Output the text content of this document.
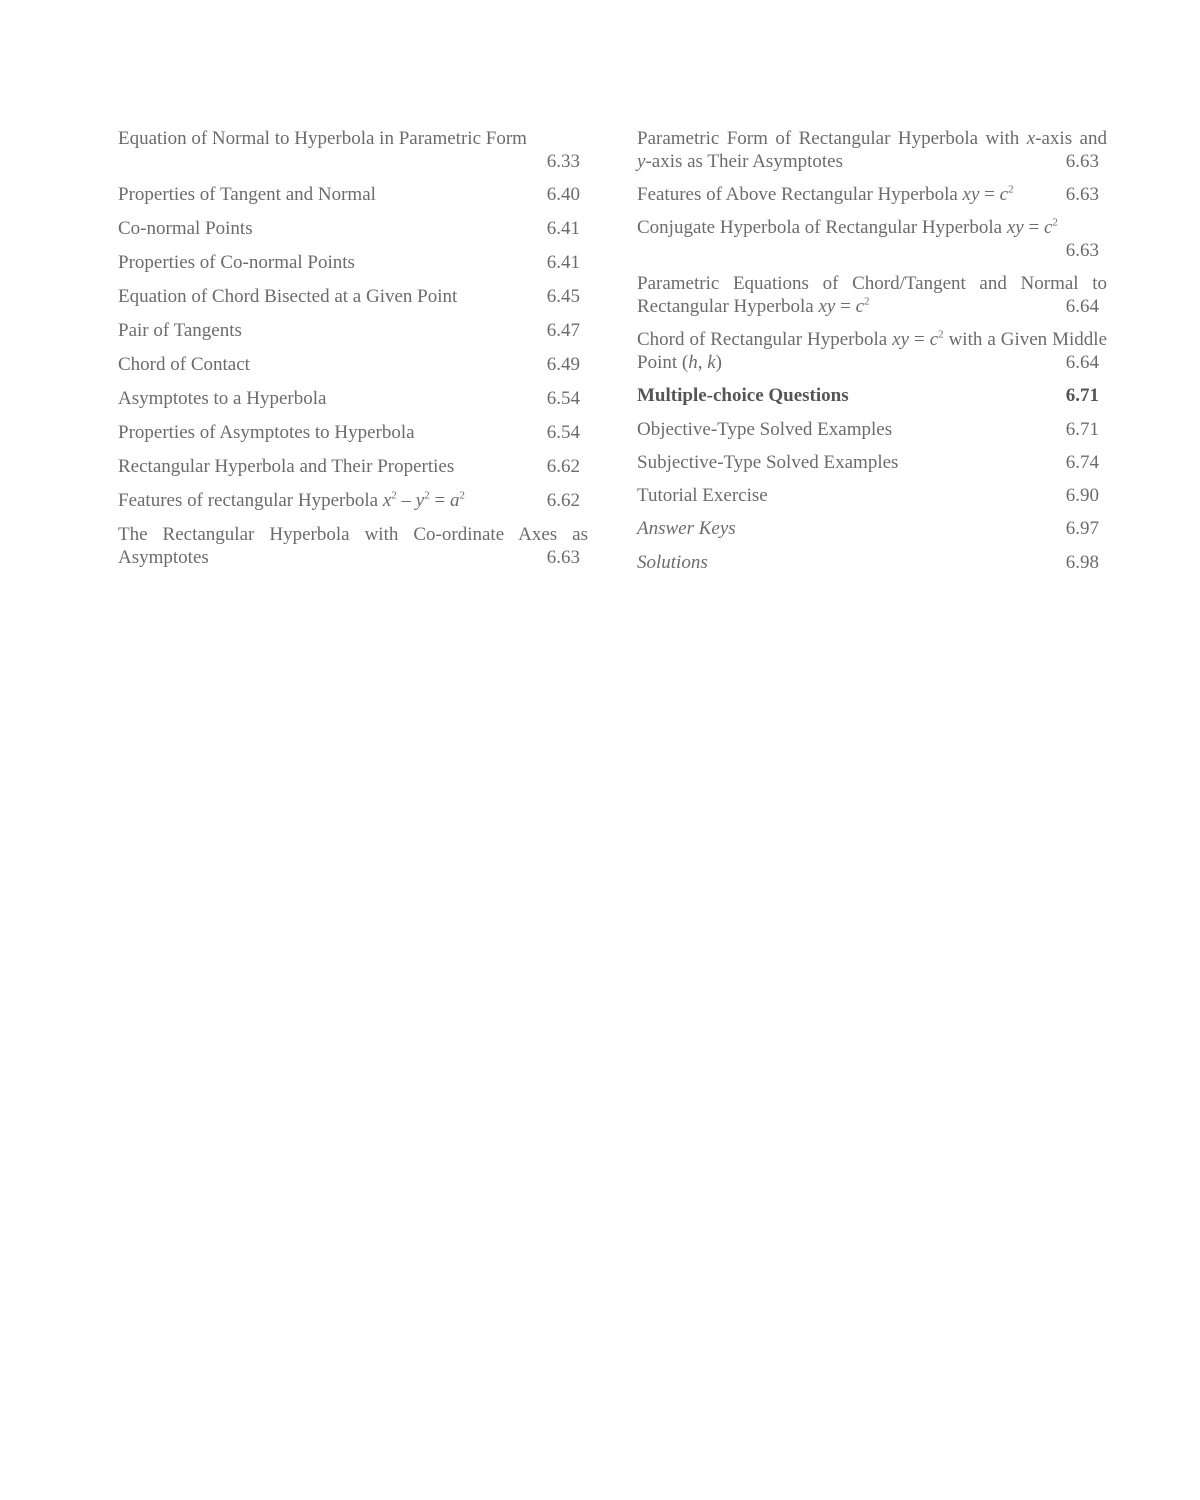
Equation of Normal to Hyperbola in Parametric Form
6.33
Properties of Tangent and Normal	6.40
Co-normal Points	6.41
Properties of Co-normal Points	6.41
Equation of Chord Bisected at a Given Point	6.45
Pair of Tangents	6.47
Chord of Contact	6.49
Asymptotes to a Hyperbola	6.54
Properties of Asymptotes to Hyperbola	6.54
Rectangular Hyperbola and Their Properties	6.62
Features of rectangular Hyperbola $x^2 - y^2 = a^2$	6.62
The Rectangular Hyperbola with Co-ordinate Axes as Asymptotes	6.63
Parametric Form of Rectangular Hyperbola with x-axis and y-axis as Their Asymptotes	6.63
Features of Above Rectangular Hyperbola xy = $c^2$	6.63
Conjugate Hyperbola of Rectangular Hyperbola xy = $c^2$
6.63
Parametric Equations of Chord/Tangent and Normal to Rectangular Hyperbola xy = $c^2$	6.64
Chord of Rectangular Hyperbola xy = $c^2$ with a Given Middle Point (h, k)	6.64
Multiple-choice Questions	6.71
Objective-Type Solved Examples	6.71
Subjective-Type Solved Examples	6.74
Tutorial Exercise	6.90
Answer Keys	6.97
Solutions	6.98
